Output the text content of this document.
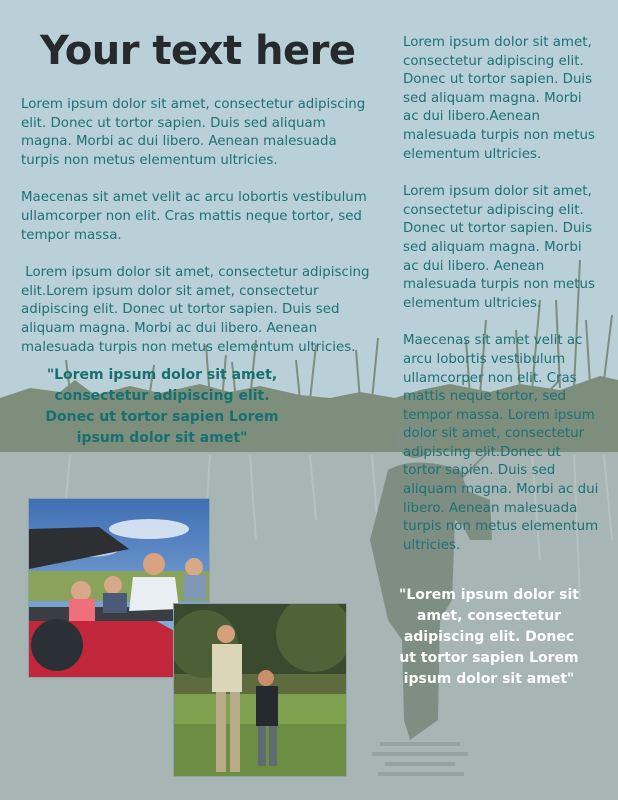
Your text here

Lorem ipsum dolor sit amet, consectetur adipiscing elit. Donec ut tortor sapien. Duis sed aliquam magna. Morbi ac dui libero. Aenean malesuada turpis non metus elementum ultricies.

Maecenas sit amet velit ac arcu lobortis vestibulum ullamcorper non elit. Cras mattis neque tortor, sed tempor massa.

Lorem ipsum dolor sit amet, consectetur adipiscing elit.Lorem ipsum dolor sit amet, consectetur adipiscing elit. Donec ut tortor sapien. Duis sed aliquam magna. Morbi ac dui libero. Aenean malesuada turpis non metus elementum ultricies.

"Lorem ipsum dolor sit amet, consectetur adipiscing elit. Donec ut tortor sapien Lorem ipsum dolor sit amet"

Lorem ipsum dolor sit amet, consectetur adipiscing elit. Donec ut tortor sapien. Duis sed aliquam magna. Morbi ac dui libero.Aenean malesuada turpis non metus elementum ultricies.

Lorem ipsum dolor sit amet, consectetur adipiscing elit. Donec ut tortor sapien. Duis sed aliquam magna. Morbi ac dui libero. Aenean malesuada turpis non metus elementum ultricies.

Maecenas sit amet velit ac arcu lobortis vestibulum ullamcorper non elit. Cras mattis neque tortor, sed tempor massa. Lorem ipsum dolor sit amet, consectetur adipiscing elit.Donec ut tortor sapien. Duis sed aliquam magna. Morbi ac dui libero. Aenean malesuada turpis non metus elementum ultricies.

"Lorem ipsum dolor sit amet, consectetur adipiscing elit. Donec ut tortor sapien Lorem ipsum dolor sit amet"
